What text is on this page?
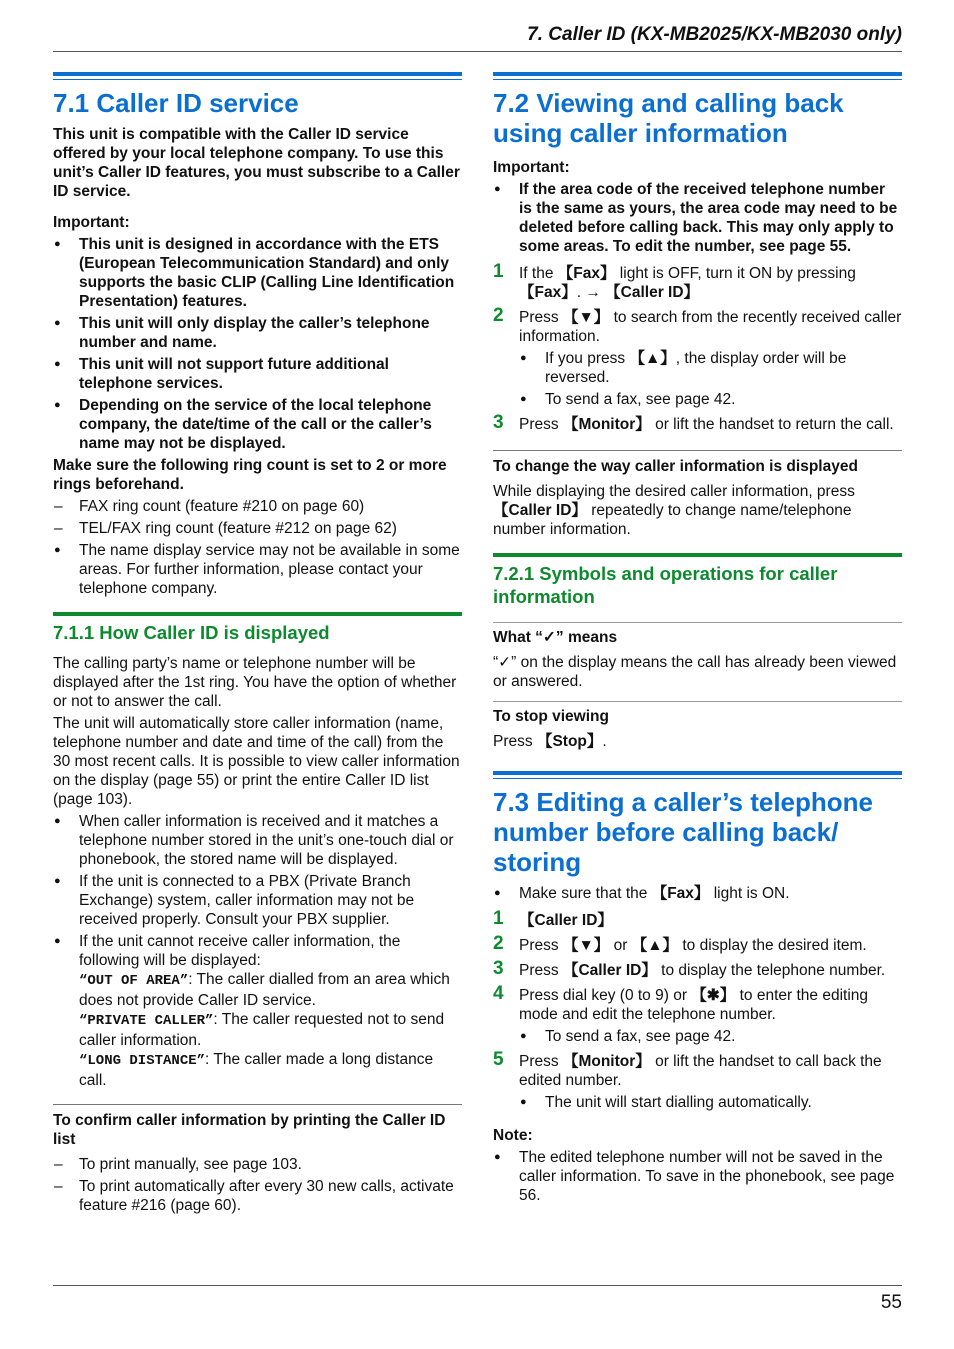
7. Caller ID (KX-MB2025/KX-MB2030 only)
7.1 Caller ID service

This unit is compatible with the Caller ID service offered by your local telephone company. To use this unit’s Caller ID features, you must subscribe to a Caller ID service.

Important:

● This unit is designed in accordance with the ETS (European Telecommunication Standard) and only supports the basic CLIP (Calling Line Identification Presentation) features.
● This unit will only display the caller’s telephone number and name.
● This unit will not support future additional telephone services.
● Depending on the service of the local telephone company, the date/time of the call or the caller’s name may not be displayed.

Make sure the following ring count is set to 2 or more rings beforehand.

– FAX ring count (feature #210 on page 60)
– TEL/FAX ring count (feature #212 on page 62)
● The name display service may not be available in some areas. For further information, please contact your telephone company.
7.1.1 How Caller ID is displayed

The calling party’s name or telephone number will be displayed after the 1st ring. You have the option of whether or not to answer the call.

The unit will automatically store caller information (name, telephone number and date and time of the call) from the 30 most recent calls. It is possible to view caller information on the display (page 55) or print the entire Caller ID list (page 103).

● When caller information is received and it matches a telephone number stored in the unit’s one-touch dial or phonebook, the stored name will be displayed.
● If the unit is connected to a PBX (Private Branch Exchange) system, caller information may not be received properly. Consult your PBX supplier.
● If the unit cannot receive caller information, the following will be displayed:
“OUT OF AREA”: The caller dialled from an area which does not provide Caller ID service.
“PRIVATE CALLER”: The caller requested not to send caller information.
“LONG DISTANCE”: The caller made a long distance call.

To confirm caller information by printing the Caller ID list

– To print manually, see page 103.
– To print automatically after every 30 new calls, activate feature #216 (page 60).
7.2 Viewing and calling back using caller information

Important:

● If the area code of the received telephone number is the same as yours, the area code may need to be deleted before calling back. This may only apply to some areas. To edit the number, see page 55.
1 If the 【Fax】 light is OFF, turn it ON by pressing 【Fax】. → 【Caller ID】
2 Press 【▼】 to search from the recently received caller information.
● If you press 【▲】, the display order will be reversed.
● To send a fax, see page 42.
3 Press 【Monitor】 or lift the handset to return the call.

To change the way caller information is displayed

While displaying the desired caller information, press 【Caller ID】 repeatedly to change name/telephone number information.

7.2.1 Symbols and operations for caller information

What “✓” means

“✓” on the display means the call has already been viewed or answered.

To stop viewing

Press 【Stop】.

7.3 Editing a caller’s telephone number before calling back/ storing
● Make sure that the 【Fax】 light is ON.
1 【Caller ID】
2 Press 【▼】 or 【▲】 to display the desired item.
3 Press 【Caller ID】 to display the telephone number.
4 Press dial key (0 to 9) or 【✱】 to enter the editing mode and edit the telephone number.
● To send a fax, see page 42.
5 Press 【Monitor】 or lift the handset to call back the edited number.
● The unit will start dialling automatically.

Note:

● The edited telephone number will not be saved in the caller information. To save in the phonebook, see page 56.
55
